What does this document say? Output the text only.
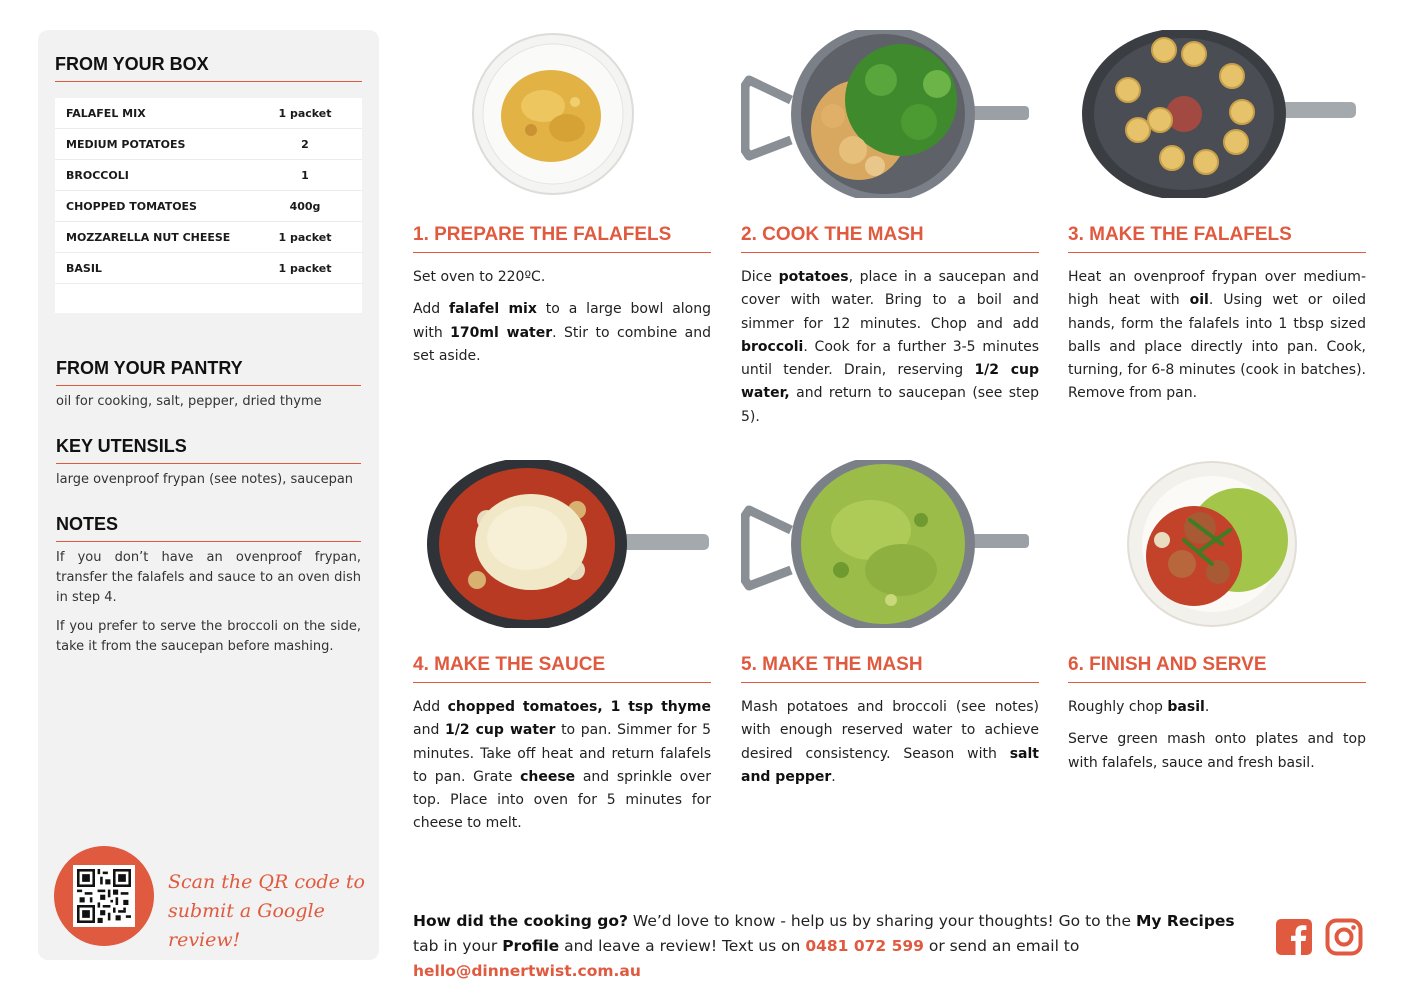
FROM YOUR BOX
FALAFEL MIX	1 packet
MEDIUM POTATOES	2
BROCCOLI	1
CHOPPED TOMATOES	400g
MOZZARELLA NUT CHEESE	1 packet
BASIL	1 packet
FROM YOUR PANTRY
oil for cooking, salt, pepper, dried thyme
KEY UTENSILS
large ovenproof frypan (see notes), saucepan
NOTES

If you don’t have an ovenproof frypan, transfer the falafels and sauce to an oven dish in step 4.

If you prefer to serve the broccoli on the side, take it from the saucepan before mashing.

Scan the QR code to
submit a Google review!
1. PREPARE THE FALAFELS

Set oven to 220ºC.

Add falafel mix to a large bowl along with 170ml water. Stir to combine and set aside.

2. COOK THE MASH

Dice potatoes, place in a saucepan and cover with water. Bring to a boil and simmer for 12 minutes. Chop and add broccoli. Cook for a further 3-5 minutes until tender. Drain, reserving 1/2 cup water, and return to saucepan (see step 5).

3. MAKE THE FALAFELS

Heat an ovenproof frypan over medium-high heat with oil. Using wet or oiled hands, form the falafels into 1 tbsp sized balls and place directly into pan. Cook, turning, for 6-8 minutes (cook in batches). Remove from pan.

4. MAKE THE SAUCE

Add chopped tomatoes, 1 tsp thyme and 1/2 cup water to pan. Simmer for 5 minutes. Take off heat and return falafels to pan. Grate cheese and sprinkle over top. Place into oven for 5 minutes for cheese to melt.

5. MAKE THE MASH

Mash potatoes and broccoli (see notes) with enough reserved water to achieve desired consistency. Season with salt and pepper.

6. FINISH AND SERVE

Roughly chop basil.

Serve green mash onto plates and top with falafels, sauce and fresh basil.

How did the cooking go? We’d love to know - help us by sharing your thoughts! Go to the My Recipes tab in your Profile and leave a review! Text us on 0481 072 599 or send an email to hello@dinnertwist.com.au
